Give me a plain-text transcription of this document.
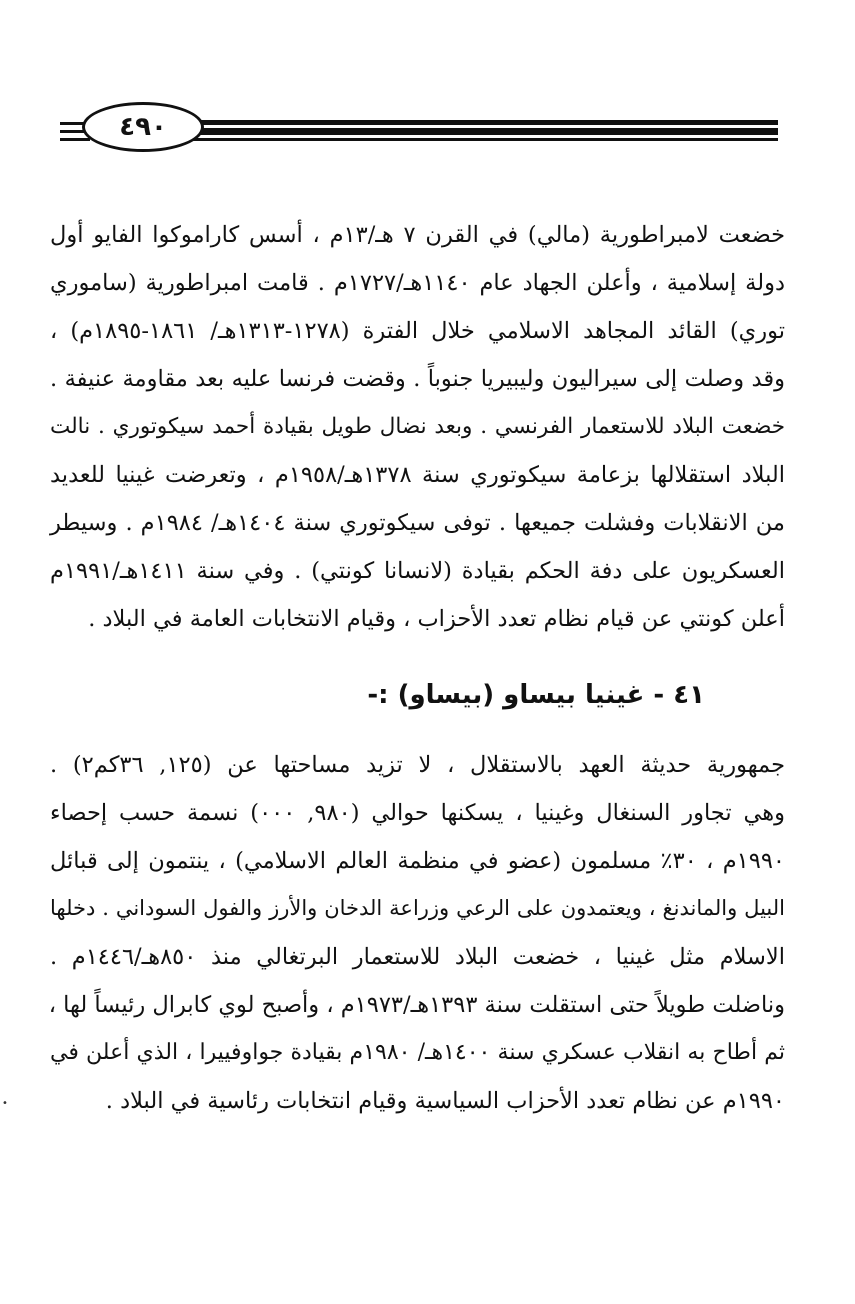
٤٩٠
خضعت لامبراطورية (مالي) في القرن ٧ هـ/١٣م ، أسس كاراموكوا الفايو أول
دولة إسلامية ، وأعلن الجهاد عام ١١٤٠هـ/١٧٢٧م . قامت امبراطورية (ساموري
توري) القائد المجاهد الاسلامي خلال الفترة (١٢٧٨-١٣١٣هـ/ ١٨٦١-١٨٩٥م) ،
وقد وصلت إلى سيراليون وليبيريا جنوباً . وقضت فرنسا عليه بعد مقاومة عنيفة .
خضعت البلاد للاستعمار الفرنسي . وبعد نضال طويل بقيادة أحمد سيكوتوري . نالت
البلاد استقلالها بزعامة سيكوتوري سنة ١٣٧٨هـ/١٩٥٨م ، وتعرضت غينيا للعديد
من الانقلابات وفشلت جميعها . توفى سيكوتوري سنة ١٤٠٤هـ/ ١٩٨٤م . وسيطر
العسكريون على دفة الحكم بقيادة (لانسانا كونتي) . وفي سنة ١٤١١هـ/١٩٩١م
أعلن كونتي عن قيام نظام تعدد الأحزاب ، وقيام الانتخابات العامة في البلاد .
٤١ - غينيا بيساو (بيساو) :-
جمهورية حديثة العهد بالاستقلال ، لا تزيد مساحتها عن (١٢٥, ٣٦كم٢) .
وهي تجاور السنغال وغينيا ، يسكنها حوالي (٩٨٠, ٠٠٠) نسمة حسب إحصاء
١٩٩٠م ، ٣٠٪ مسلمون (عضو في منظمة العالم الاسلامي) ، ينتمون إلى قبائل
البيل والماندنغ ، ويعتمدون على الرعي وزراعة الدخان والأرز والفول السوداني . دخلها
الاسلام مثل غينيا ، خضعت البلاد للاستعمار البرتغالي منذ ٨٥٠هـ/١٤٤٦م .
وناضلت طويلاً حتى استقلت سنة ١٣٩٣هـ/١٩٧٣م ، وأصبح لوي كابرال رئيساً لها ،
ثم أطاح به انقلاب عسكري سنة ١٤٠٠هـ/ ١٩٨٠م بقيادة جواوفييرا ، الذي أعلن في
١٩٩٠م عن نظام تعدد الأحزاب السياسية وقيام انتخابات رئاسية في البلاد .
•
